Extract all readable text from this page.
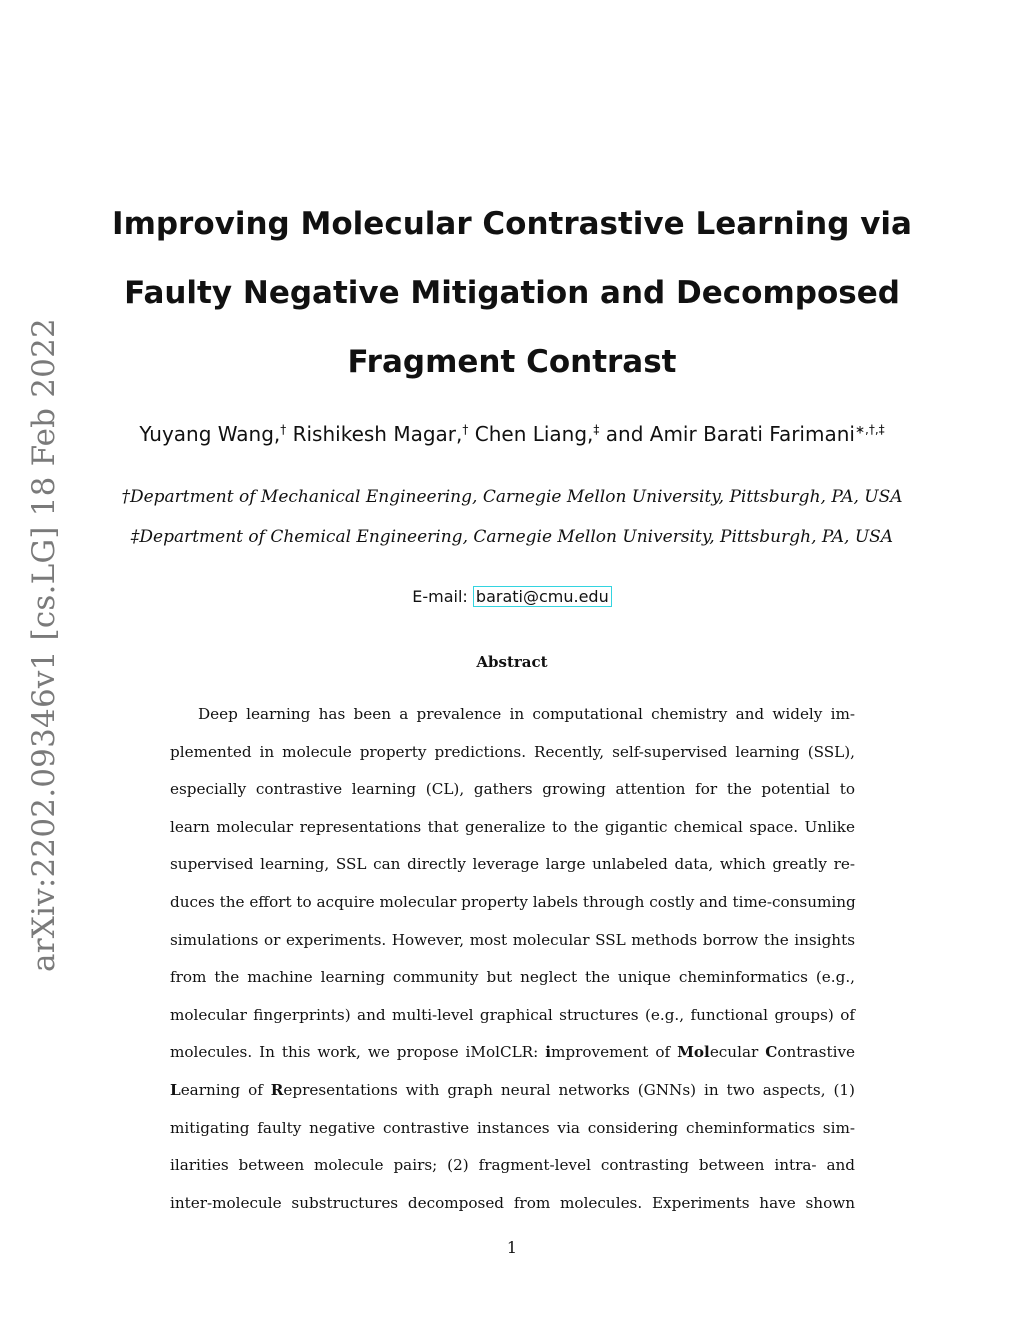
arXiv:2202.09346v1 [cs.LG] 18 Feb 2022
Improving Molecular Contrastive Learning via
Faulty Negative Mitigation and Decomposed
Fragment Contrast
Yuyang Wang,† Rishikesh Magar,† Chen Liang,‡ and Amir Barati Farimani∗,†,‡
†Department of Mechanical Engineering, Carnegie Mellon University, Pittsburgh, PA, USA
‡Department of Chemical Engineering, Carnegie Mellon University, Pittsburgh, PA, USA
E-mail: barati@cmu.edu
Abstract
Deep learning has been a prevalence in computational chemistry and widely im-
plemented in molecule property predictions. Recently, self-supervised learning (SSL),
especially contrastive learning (CL), gathers growing attention for the potential to
learn molecular representations that generalize to the gigantic chemical space. Unlike
supervised learning, SSL can directly leverage large unlabeled data, which greatly re-
duces the effort to acquire molecular property labels through costly and time-consuming
simulations or experiments. However, most molecular SSL methods borrow the insights
from the machine learning community but neglect the unique cheminformatics (e.g.,
molecular fingerprints) and multi-level graphical structures (e.g., functional groups) of
molecules. In this work, we propose iMolCLR: improvement of Molecular Contrastive
Learning of Representations with graph neural networks (GNNs) in two aspects, (1)
mitigating faulty negative contrastive instances via considering cheminformatics sim-
ilarities between molecule pairs; (2) fragment-level contrasting between intra- and
inter-molecule substructures decomposed from molecules. Experiments have shown
1
